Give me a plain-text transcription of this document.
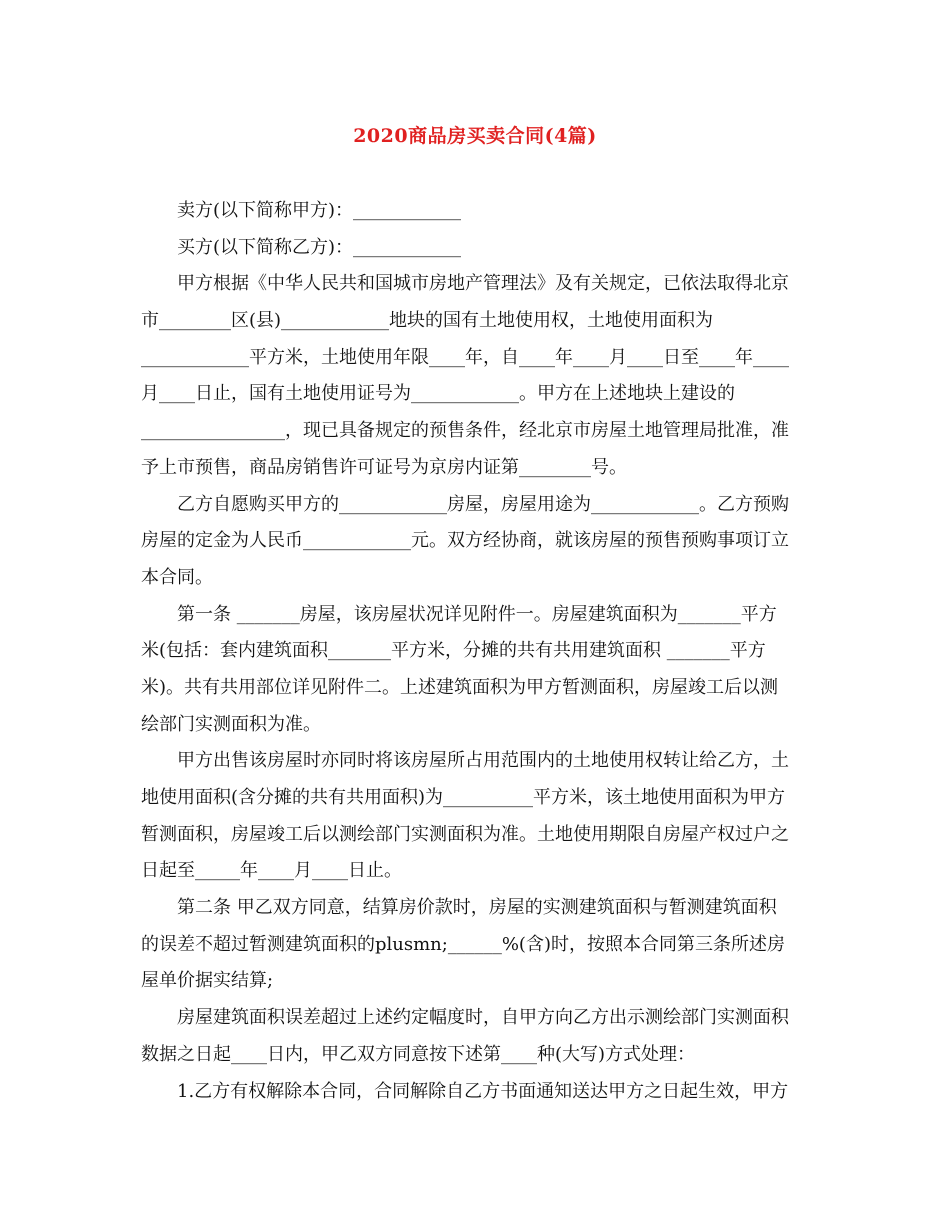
2020商品房买卖合同(4篇)
卖方(以下简称甲方)：____________
买方(以下简称乙方)：____________
甲方根据《中华人民共和国城市房地产管理法》及有关规定，已依法取得北京
市________区(县)____________地块的国有土地使用权，土地使用面积为
____________平方米，土地使用年限____年，自____年____月____日至____年____
月____日止，国有土地使用证号为____________。甲方在上述地块上建设的
________________，现已具备规定的预售条件，经北京市房屋土地管理局批准，准
予上市预售，商品房销售许可证号为京房内证第________号。
乙方自愿购买甲方的____________房屋，房屋用途为____________。乙方预购
房屋的定金为人民币____________元。双方经协商，就该房屋的预售预购事项订立
本合同。
第一条 _______房屋，该房屋状况详见附件一。房屋建筑面积为_______平方
米(包括：套内建筑面积_______平方米，分摊的共有共用建筑面积 _______平方
米)。共有共用部位详见附件二。上述建筑面积为甲方暂测面积，房屋竣工后以测
绘部门实测面积为准。
甲方出售该房屋时亦同时将该房屋所占用范围内的土地使用权转让给乙方，土
地使用面积(含分摊的共有共用面积)为__________平方米，该土地使用面积为甲方
暂测面积，房屋竣工后以测绘部门实测面积为准。土地使用期限自房屋产权过户之
日起至_____年____月____日止。
第二条 甲乙双方同意，结算房价款时，房屋的实测建筑面积与暂测建筑面积
的误差不超过暂测建筑面积的plusmn;______%(含)时，按照本合同第三条所述房
屋单价据实结算;
房屋建筑面积误差超过上述约定幅度时，自甲方向乙方出示测绘部门实测面积
数据之日起____日内，甲乙双方同意按下述第____种(大写)方式处理：
1.乙方有权解除本合同，合同解除自乙方书面通知送达甲方之日起生效，甲方
